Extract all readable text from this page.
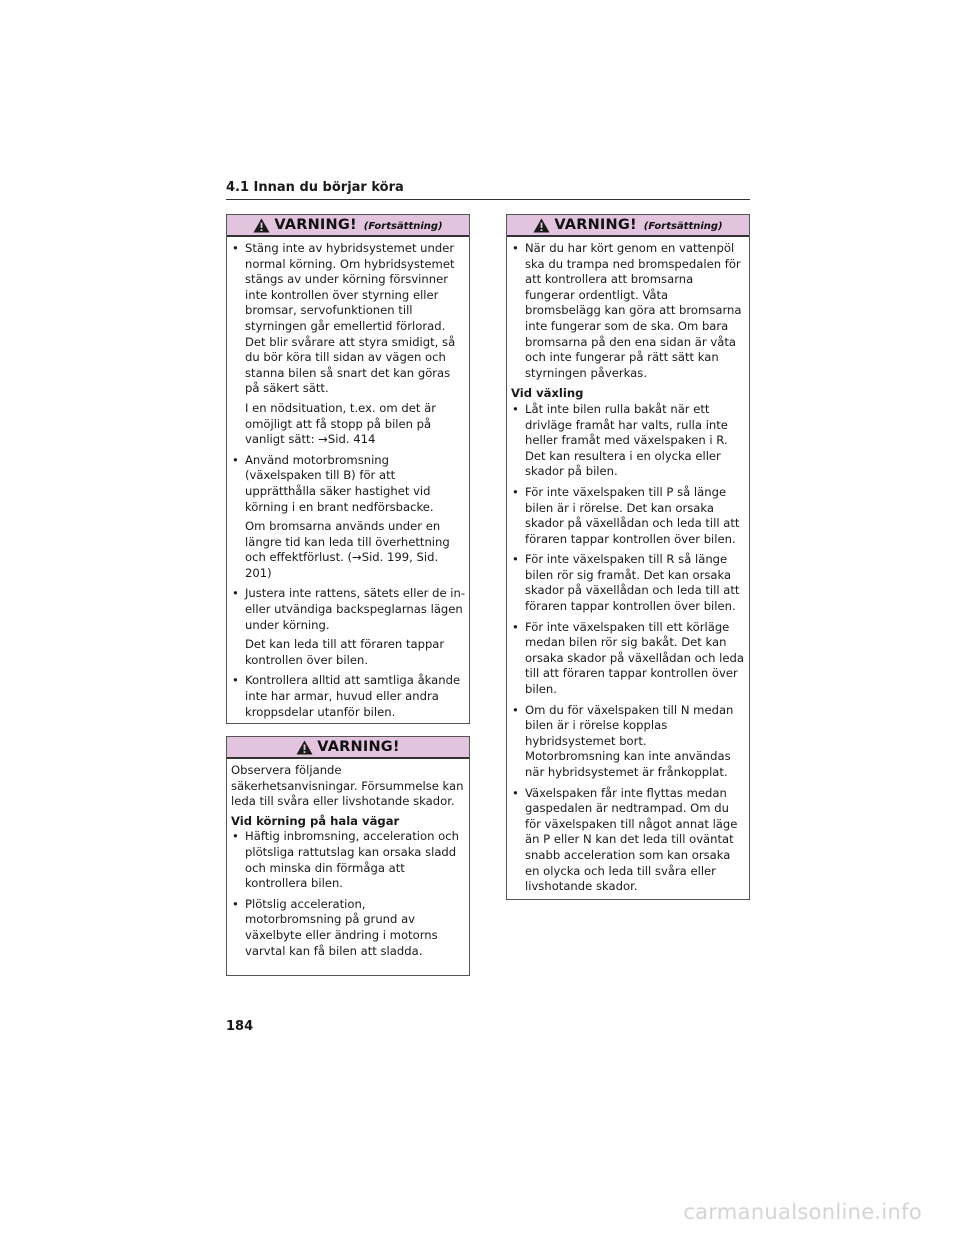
4.1 Innan du börjar köra
VARNING! (Fortsättning)

• Stäng inte av hybridsystemet under normal körning. Om hybridsystemet stängs av under körning försvinner inte kontrollen över styrning eller bromsar, servofunktionen till styrningen går emellertid förlorad. Det blir svårare att styra smidigt, så du bör köra till sidan av vägen och stanna bilen så snart det kan göras på säkert sätt.

I en nödsituation, t.ex. om det är omöjligt att få stopp på bilen på vanligt sätt: →Sid. 414

• Använd motorbromsning (växelspaken till B) för att upprätthålla säker hastighet vid körning i en brant nedförsbacke.

Om bromsarna används under en längre tid kan leda till överhettning och effektförlust. (→Sid. 199, Sid. 201)

• Justera inte rattens, sätets eller de in- eller utvändiga backspeglarnas lägen under körning.

Det kan leda till att föraren tappar kontrollen över bilen.

• Kontrollera alltid att samtliga åkande inte har armar, huvud eller andra kroppsdelar utanför bilen.

VARNING!

Observera följande säkerhetsanvisningar. Försummelse kan leda till svåra eller livshotande skador.

Vid körning på hala vägar

• Häftig inbromsning, acceleration och plötsliga rattutslag kan orsaka sladd och minska din förmåga att kontrollera bilen.
• Plötslig acceleration, motorbromsning på grund av växelbyte eller ändring i motorns varvtal kan få bilen att sladda.
VARNING! (Fortsättning)
• När du har kört genom en vattenpöl ska du trampa ned bromspedalen för att kontrollera att bromsarna fungerar ordentligt. Våta bromsbelägg kan göra att bromsarna inte fungerar som de ska. Om bara bromsarna på den ena sidan är våta och inte fungerar på rätt sätt kan styrningen påverkas.

Vid växling

• Låt inte bilen rulla bakåt när ett drivläge framåt har valts, rulla inte heller framåt med växelspaken i R. Det kan resultera i en olycka eller skador på bilen.
• För inte växelspaken till P så länge bilen är i rörelse. Det kan orsaka skador på växellådan och leda till att föraren tappar kontrollen över bilen.
• För inte växelspaken till R så länge bilen rör sig framåt. Det kan orsaka skador på växellådan och leda till att föraren tappar kontrollen över bilen.
• För inte växelspaken till ett körläge medan bilen rör sig bakåt. Det kan orsaka skador på växellådan och leda till att föraren tappar kontrollen över bilen.
• Om du för växelspaken till N medan bilen är i rörelse kopplas hybridsystemet bort. Motorbromsning kan inte användas när hybridsystemet är frånkopplat.
• Växelspaken får inte flyttas medan gaspedalen är nedtrampad. Om du för växelspaken till något annat läge än P eller N kan det leda till oväntat snabb acceleration som kan orsaka en olycka och leda till svåra eller livshotande skador.
184
carmanualsonline.info
